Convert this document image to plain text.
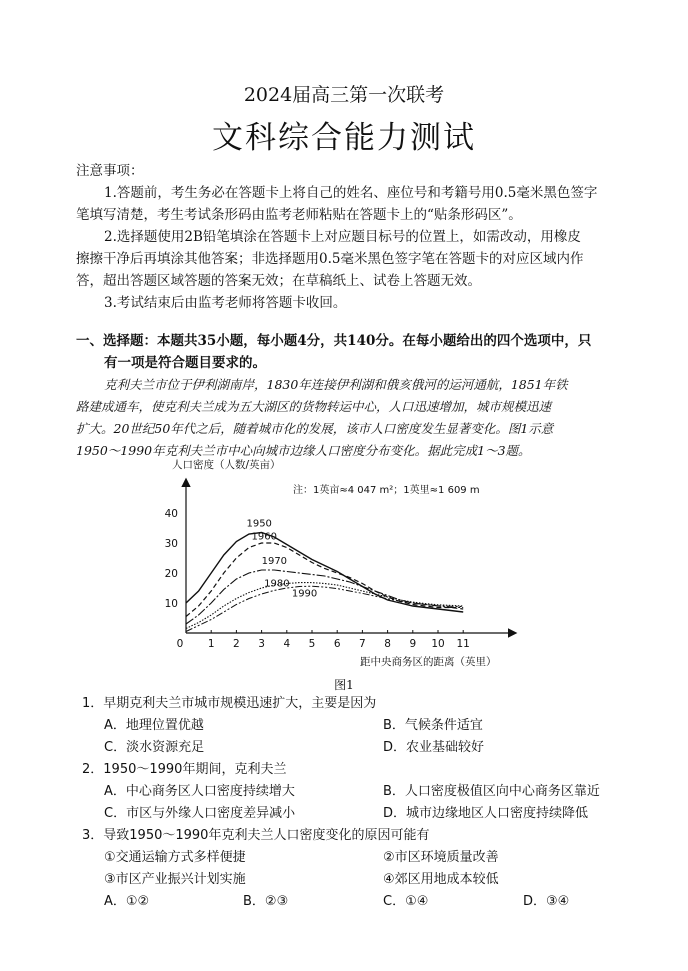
2024届高三第一次联考
文科综合能力测试
注意事项：
1.答题前，考生务必在答题卡上将自己的姓名、座位号和考籍号用0.5毫米黑色签字
笔填写清楚，考生考试条形码由监考老师粘贴在答题卡上的“贴条形码区”。
2.选择题使用2B铅笔填涂在答题卡上对应题目标号的位置上，如需改动，用橡皮
擦擦干净后再填涂其他答案；非选择题用0.5毫米黑色签字笔在答题卡的对应区域内作
答，超出答题区域答题的答案无效；在草稿纸上、试卷上答题无效。
3.考试结束后由监考老师将答题卡收回。
一、选择题：本题共35小题，每小题4分，共140分。在每小题给出的四个选项中，只
有一项是符合题目要求的。
克利夫兰市位于伊利湖南岸，1830年连接伊利湖和俄亥俄河的运河通航，1851年铁
路建成通车，使克利夫兰成为五大湖区的货物转运中心，人口迅速增加，城市规模迅速
扩大。20世纪50年代之后，随着城市化的发展，该市人口密度发生显著变化。图1示意
1950～1990年克利夫兰市中心向城市边缘人口密度分布变化。据此完成1～3题。
人口密度（人数/英亩）
注：1英亩≈4 047 m²；1英里≈1 609 m
距中央商务区的距离（英里）
0 1 2 3 4 5 6 7 8 9 10 11
10
20
30
40
1950
1960
1970
1980
1990
图1
1．早期克利夫兰市城市规模迅速扩大，主要是因为
A．地理位置优越	B．气候条件适宜
C．淡水资源充足	D．农业基础较好
2．1950～1990年期间，克利夫兰
A．中心商务区人口密度持续增大	B．人口密度极值区向中心商务区靠近
C．市区与外缘人口密度差异减小	D．城市边缘地区人口密度持续降低
3．导致1950～1990年克利夫兰人口密度变化的原因可能有
①交通运输方式多样便捷	②市区环境质量改善
③市区产业振兴计划实施	④郊区用地成本较低
A．①②	B．②③	C．①④	D．③④
